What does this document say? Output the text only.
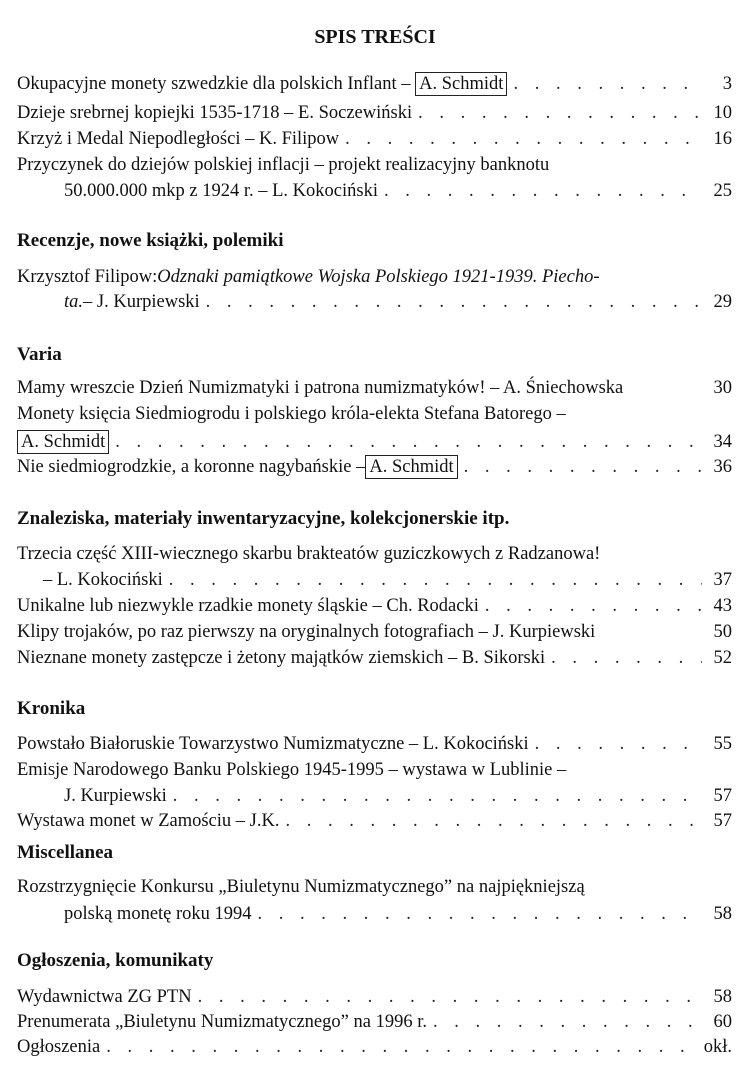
SPIS TREŚCI
Okupacyjne monety szwedzkie dla polskich Inflant –
A. Schmidt . . .	3
Dzieje srebrnej kopiejki 1535-1718 – E. Soczewiński . . .	10
Krzyż i Medal Niepodległości – K. Filipow . . .	16
Przyczynek do dziejów polskiej inflacji – projekt realizacyjny banknotu
50.000.000 mkp z 1924 r. – L. Kokociński . . .	25
Recenzje, nowe książki, polemiki
Krzysztof Filipow: Odznaki pamiątkowe Wojska Polskiego 1921-1939. Piecho-
ta. – J. Kurpiewski . . .	29
Varia
Mamy wreszcie Dzień Numizmatyki i patrona numizmatyków! – A. Śniechowska	30
Monety księcia Siedmiogrodu i polskiego króla-elekta Stefana Batorego –
A. Schmidt . . .	34
Nie siedmiogrodzkie, a koronne nagybańskie – A. Schmidt . . .	36
Znaleziska, materiały inwentaryzacyjne, kolekcjonerskie itp.
Trzecia część XIII-wiecznego skarbu brakteatów guziczkowych z Radzanowa!
– L. Kokociński . . .	37
Unikalne lub niezwykle rzadkie monety śląskie – Ch. Rodacki . . .	43
Klipy trojaków, po raz pierwszy na oryginalnych fotografiach – J. Kurpiewski	50
Nieznane monety zastępcze i żetony majątków ziemskich – B. Sikorski . . .	52
Kronika
Powstało Białoruskie Towarzystwo Numizmatyczne – L. Kokociński . . .	55
Emisje Narodowego Banku Polskiego 1945-1995 – wystawa w Lublinie –
J. Kurpiewski . . .	57
Wystawa monet w Zamościu – J.K. . . .	57
Miscellanea
Rozstrzygnięcie Konkursu „Biuletynu Numizmatycznego” na najpiękniejszą
polską monetę roku 1994 . . .	58
Ogłoszenia, komunikaty
Wydawnictwa ZG PTN . . .	58
Prenumerata „Biuletynu Numizmatycznego” na 1996 r. . . .	60
Ogłoszenia . . .	okł.
